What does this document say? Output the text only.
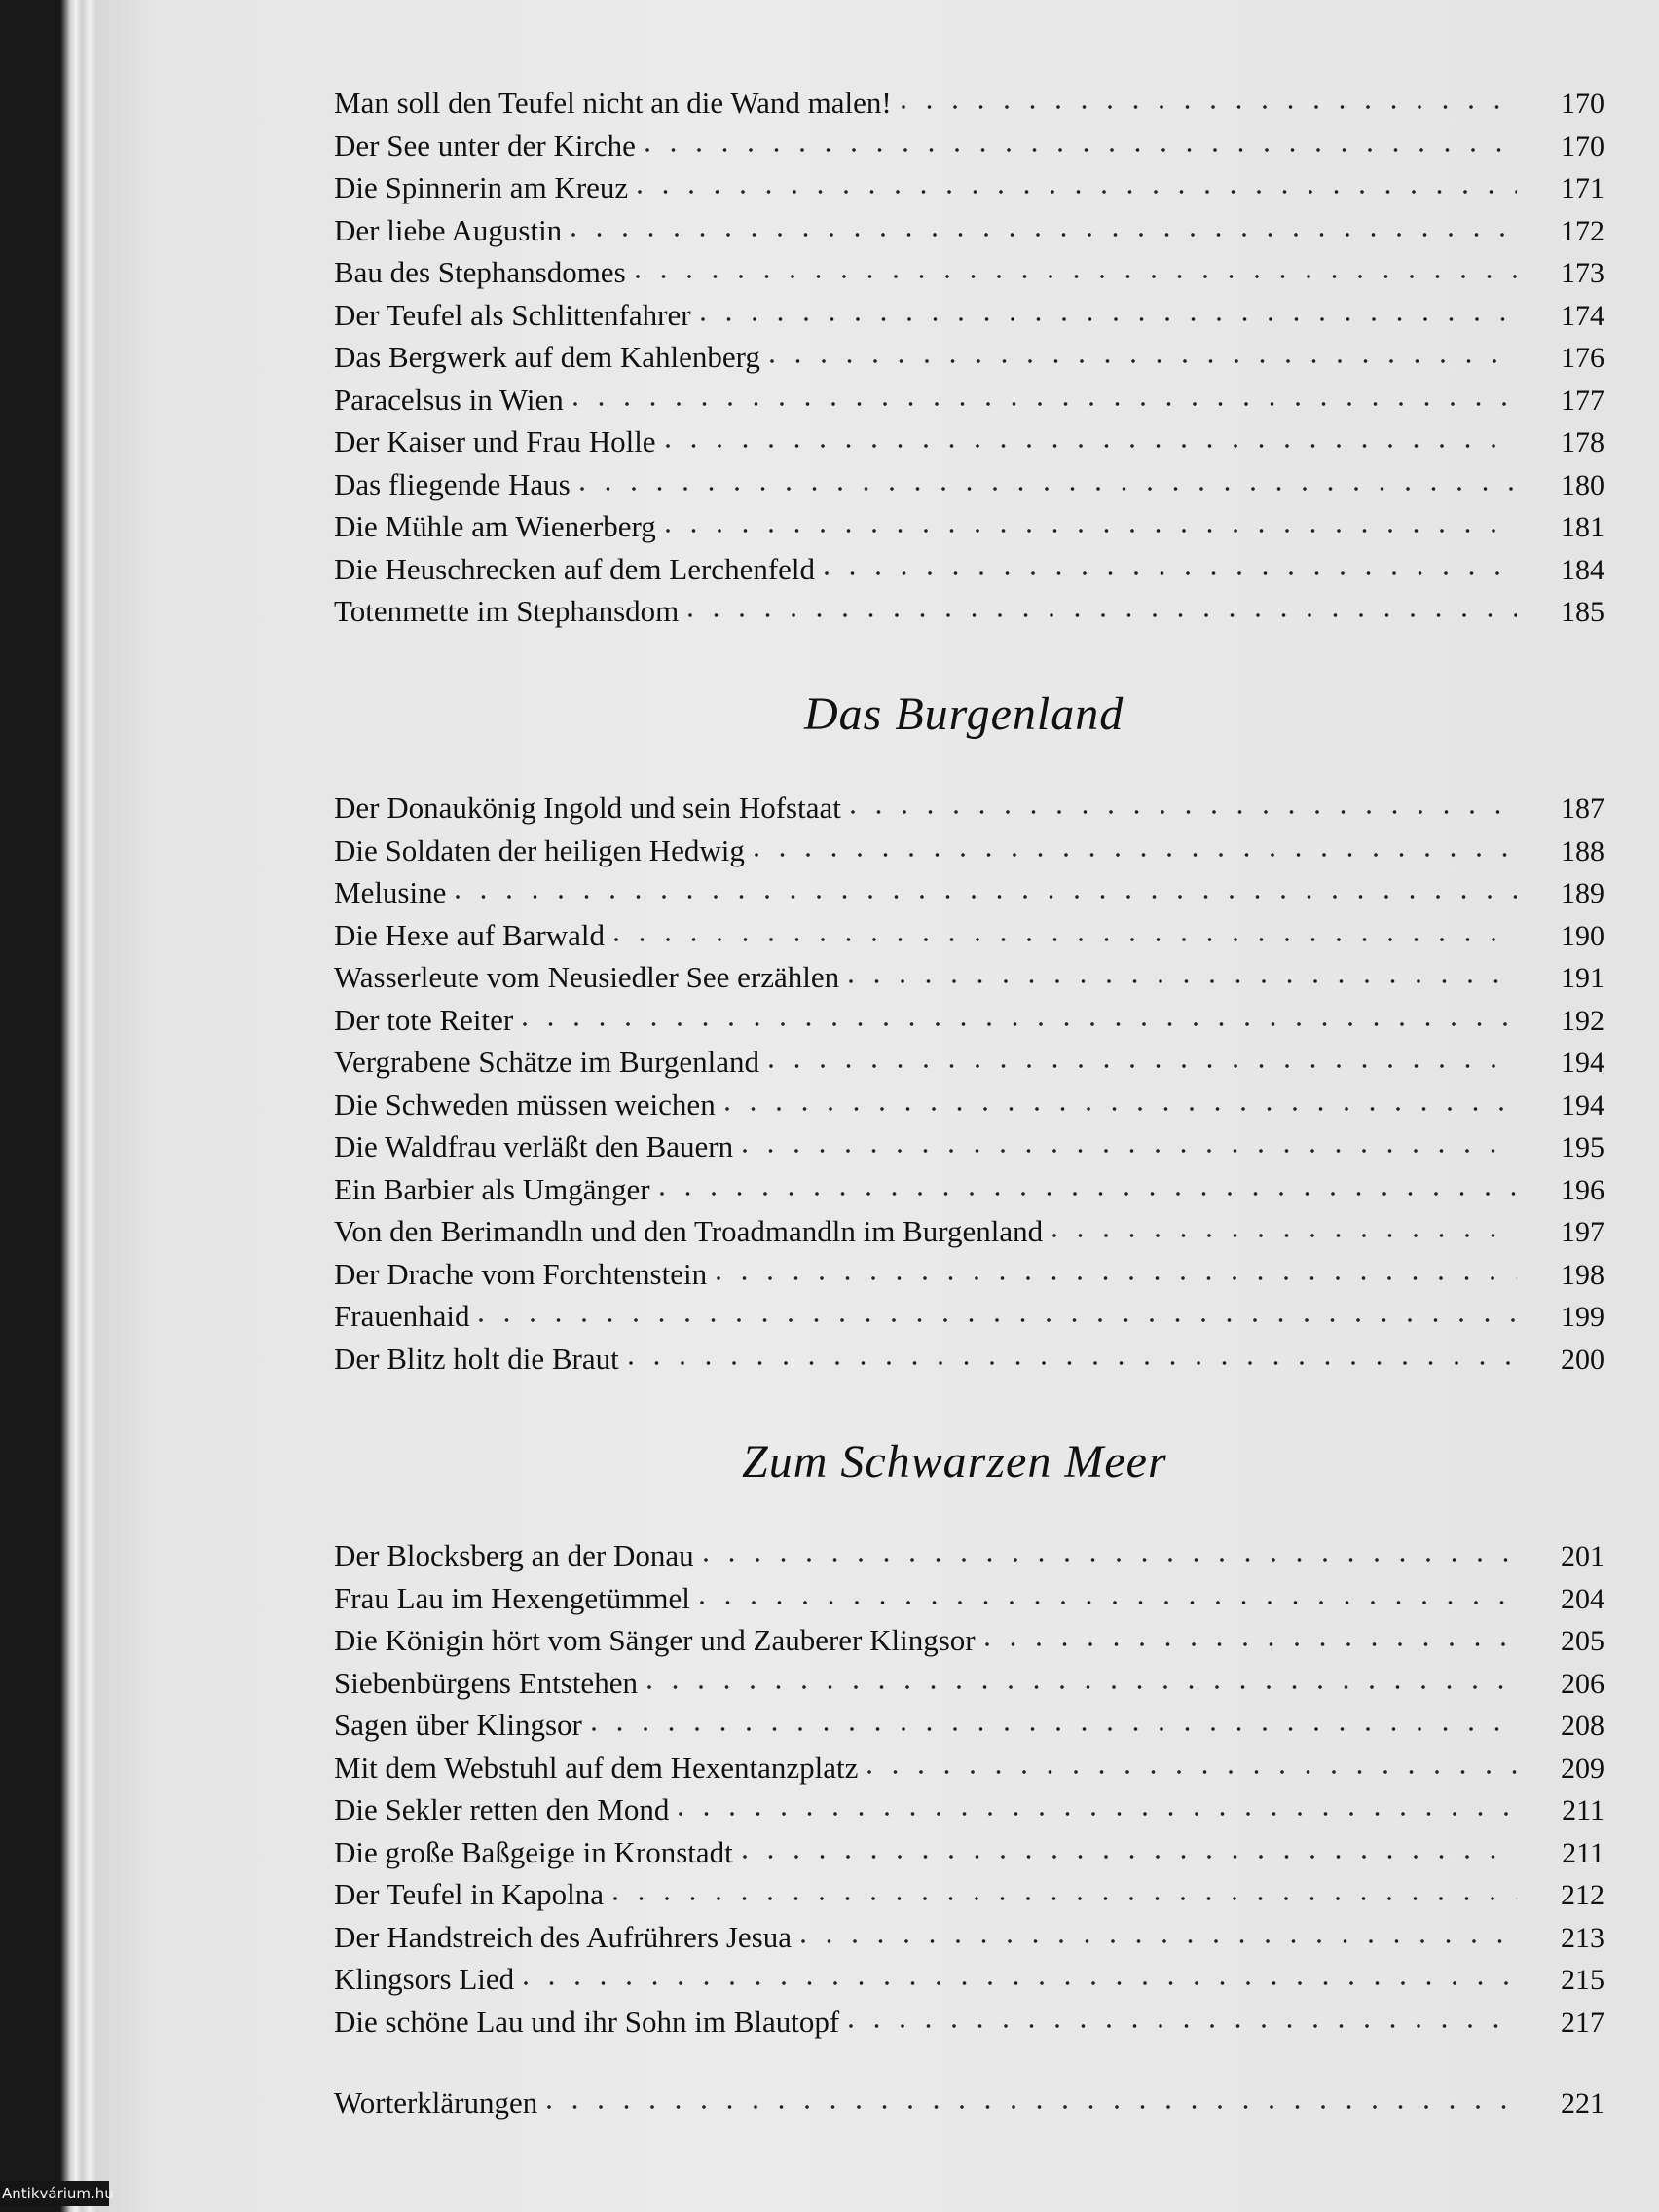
Man soll den Teufel nicht an die Wand malen!	170
Der See unter der Kirche	170
Die Spinnerin am Kreuz	171
Der liebe Augustin	172
Bau des Stephansdomes	173
Der Teufel als Schlittenfahrer	174
Das Bergwerk auf dem Kahlenberg	176
Paracelsus in Wien	177
Der Kaiser und Frau Holle	178
Das fliegende Haus	180
Die Mühle am Wienerberg	181
Die Heuschrecken auf dem Lerchenfeld	184
Totenmette im Stephansdom	185
Das Burgenland
Der Donaukönig Ingold und sein Hofstaat	187
Die Soldaten der heiligen Hedwig	188
Melusine	189
Die Hexe auf Barwald	190
Wasserleute vom Neusiedler See erzählen	191
Der tote Reiter	192
Vergrabene Schätze im Burgenland	194
Die Schweden müssen weichen	194
Die Waldfrau verläßt den Bauern	195
Ein Barbier als Umgänger	196
Von den Berimandln und den Troadmandln im Burgenland	197
Der Drache vom Forchtenstein	198
Frauenhaid	199
Der Blitz holt die Braut	200
Zum Schwarzen Meer
Der Blocksberg an der Donau	201
Frau Lau im Hexengetümmel	204
Die Königin hört vom Sänger und Zauberer Klingsor	205
Siebenbürgens Entstehen	206
Sagen über Klingsor	208
Mit dem Webstuhl auf dem Hexentanzplatz	209
Die Sekler retten den Mond	211
Die große Baßgeige in Kronstadt	211
Der Teufel in Kapolna	212
Der Handstreich des Aufrührers Jesua	213
Klingsors Lied	215
Die schöne Lau und ihr Sohn im Blautopf	217
Worterklärungen	221
Antikvárium.hu
